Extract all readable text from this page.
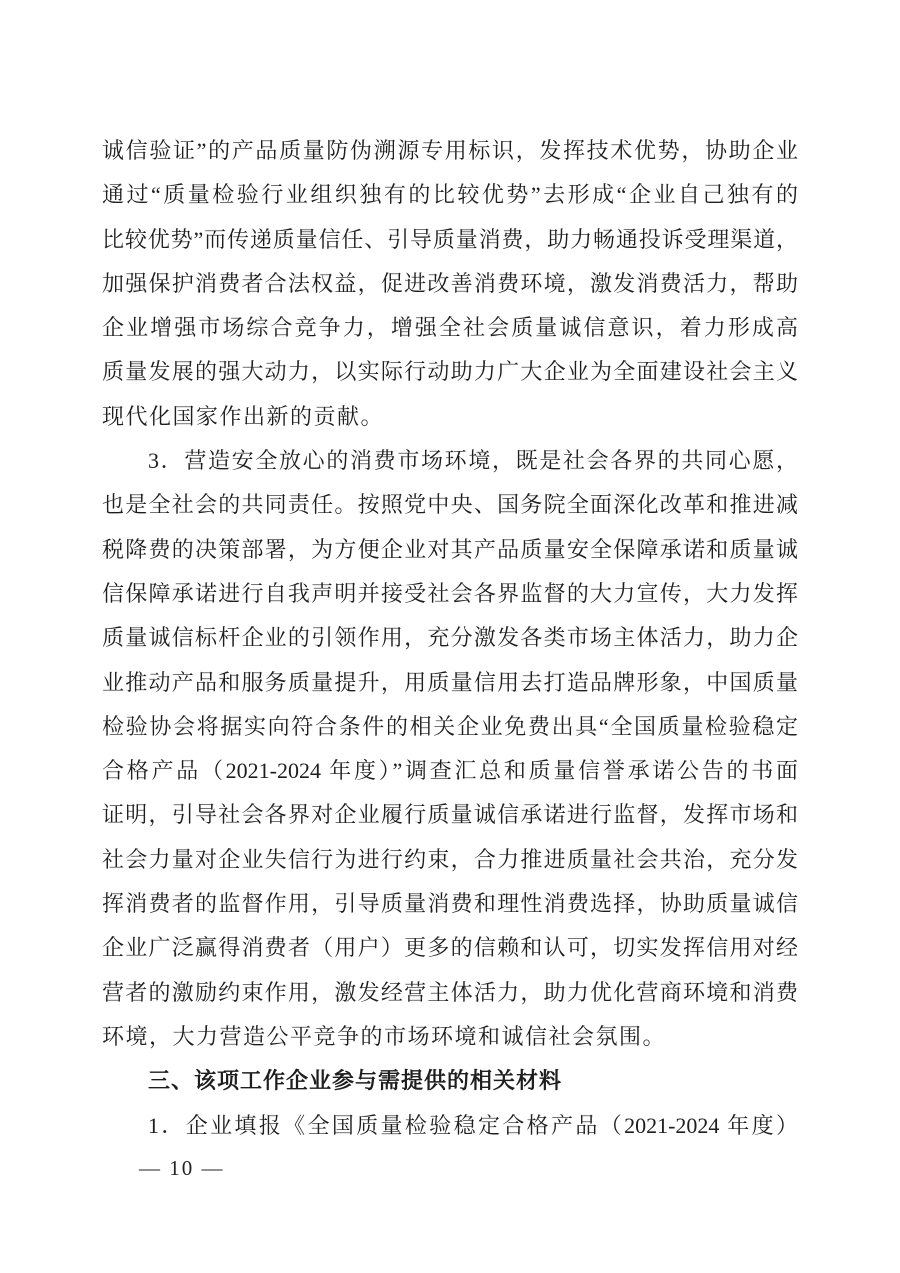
诚信验证”的产品质量防伪溯源专用标识，发挥技术优势，协助企业
通过“质量检验行业组织独有的比较优势”去形成“企业自己独有的
比较优势”而传递质量信任、引导质量消费，助力畅通投诉受理渠道，
加强保护消费者合法权益，促进改善消费环境，激发消费活力，帮助
企业增强市场综合竞争力，增强全社会质量诚信意识，着力形成高
质量发展的强大动力，以实际行动助力广大企业为全面建设社会主义
现代化国家作出新的贡献。
3．营造安全放心的消费市场环境，既是社会各界的共同心愿，
也是全社会的共同责任。按照党中央、国务院全面深化改革和推进减
税降费的决策部署，为方便企业对其产品质量安全保障承诺和质量诚
信保障承诺进行自我声明并接受社会各界监督的大力宣传，大力发挥
质量诚信标杆企业的引领作用，充分激发各类市场主体活力，助力企
业推动产品和服务质量提升，用质量信用去打造品牌形象，中国质量
检验协会将据实向符合条件的相关企业免费出具“全国质量检验稳定
合格产品（2021-2024 年度）”调查汇总和质量信誉承诺公告的书面
证明，引导社会各界对企业履行质量诚信承诺进行监督，发挥市场和
社会力量对企业失信行为进行约束，合力推进质量社会共治，充分发
挥消费者的监督作用，引导质量消费和理性消费选择，协助质量诚信
企业广泛赢得消费者（用户）更多的信赖和认可，切实发挥信用对经
营者的激励约束作用，激发经营主体活力，助力优化营商环境和消费
环境，大力营造公平竞争的市场环境和诚信社会氛围。
三、该项工作企业参与需提供的相关材料
1．企业填报《全国质量检验稳定合格产品（2021-2024 年度）
— 10 —
